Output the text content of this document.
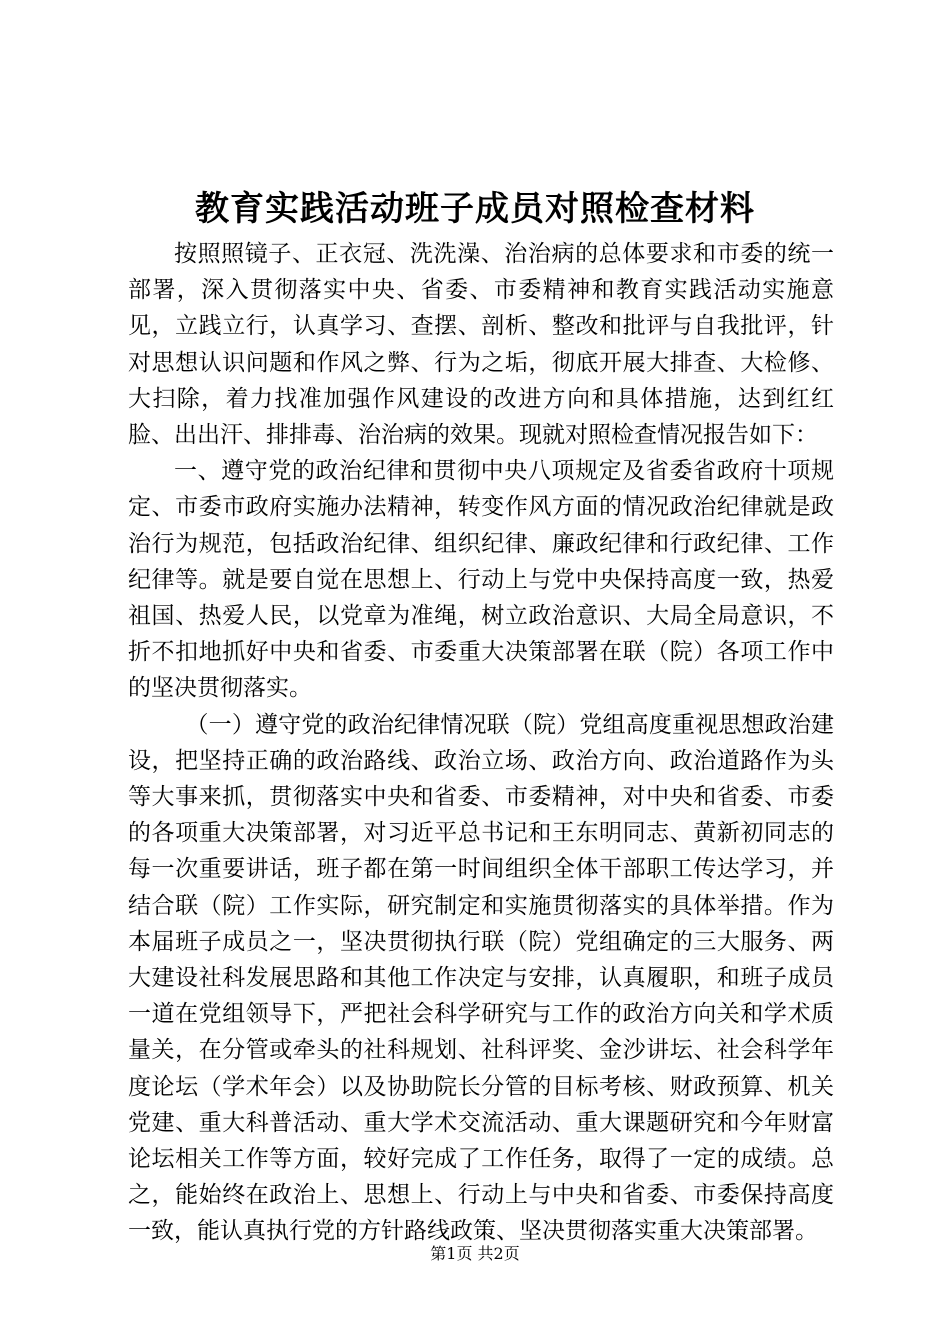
教育实践活动班子成员对照检查材料

按照照镜子、正衣冠、洗洗澡、治治病的总体要求和市委的统一部署，深入贯彻落实中央、省委、市委精神和教育实践活动实施意见，立践立行，认真学习、查摆、剖析、整改和批评与自我批评，针对思想认识问题和作风之弊、行为之垢，彻底开展大排查、大检修、大扫除，着力找准加强作风建设的改进方向和具体措施，达到红红脸、出出汗、排排毒、治治病的效果。现就对照检查情况报告如下：

一、遵守党的政治纪律和贯彻中央八项规定及省委省政府十项规定、市委市政府实施办法精神，转变作风方面的情况政治纪律就是政治行为规范，包括政治纪律、组织纪律、廉政纪律和行政纪律、工作纪律等。就是要自觉在思想上、行动上与党中央保持高度一致，热爱祖国、热爱人民，以党章为准绳，树立政治意识、大局全局意识，不折不扣地抓好中央和省委、市委重大决策部署在联（院）各项工作中的坚决贯彻落实。

（一）遵守党的政治纪律情况联（院）党组高度重视思想政治建设，把坚持正确的政治路线、政治立场、政治方向、政治道路作为头等大事来抓，贯彻落实中央和省委、市委精神，对中央和省委、市委的各项重大决策部署，对习近平总书记和王东明同志、黄新初同志的每一次重要讲话，班子都在第一时间组织全体干部职工传达学习，并结合联（院）工作实际，研究制定和实施贯彻落实的具体举措。作为本届班子成员之一，坚决贯彻执行联（院）党组确定的三大服务、两大建设社科发展思路和其他工作决定与安排，认真履职，和班子成员一道在党组领导下，严把社会科学研究与工作的政治方向关和学术质量关，在分管或牵头的社科规划、社科评奖、金沙讲坛、社会科学年度论坛（学术年会）以及协助院长分管的目标考核、财政预算、机关党建、重大科普活动、重大学术交流活动、重大课题研究和今年财富论坛相关工作等方面，较好完成了工作任务，取得了一定的成绩。总之，能始终在政治上、思想上、行动上与中央和省委、市委保持高度一致，能认真执行党的方针路线政策、坚决贯彻落实重大决策部署。

第1页 共2页
